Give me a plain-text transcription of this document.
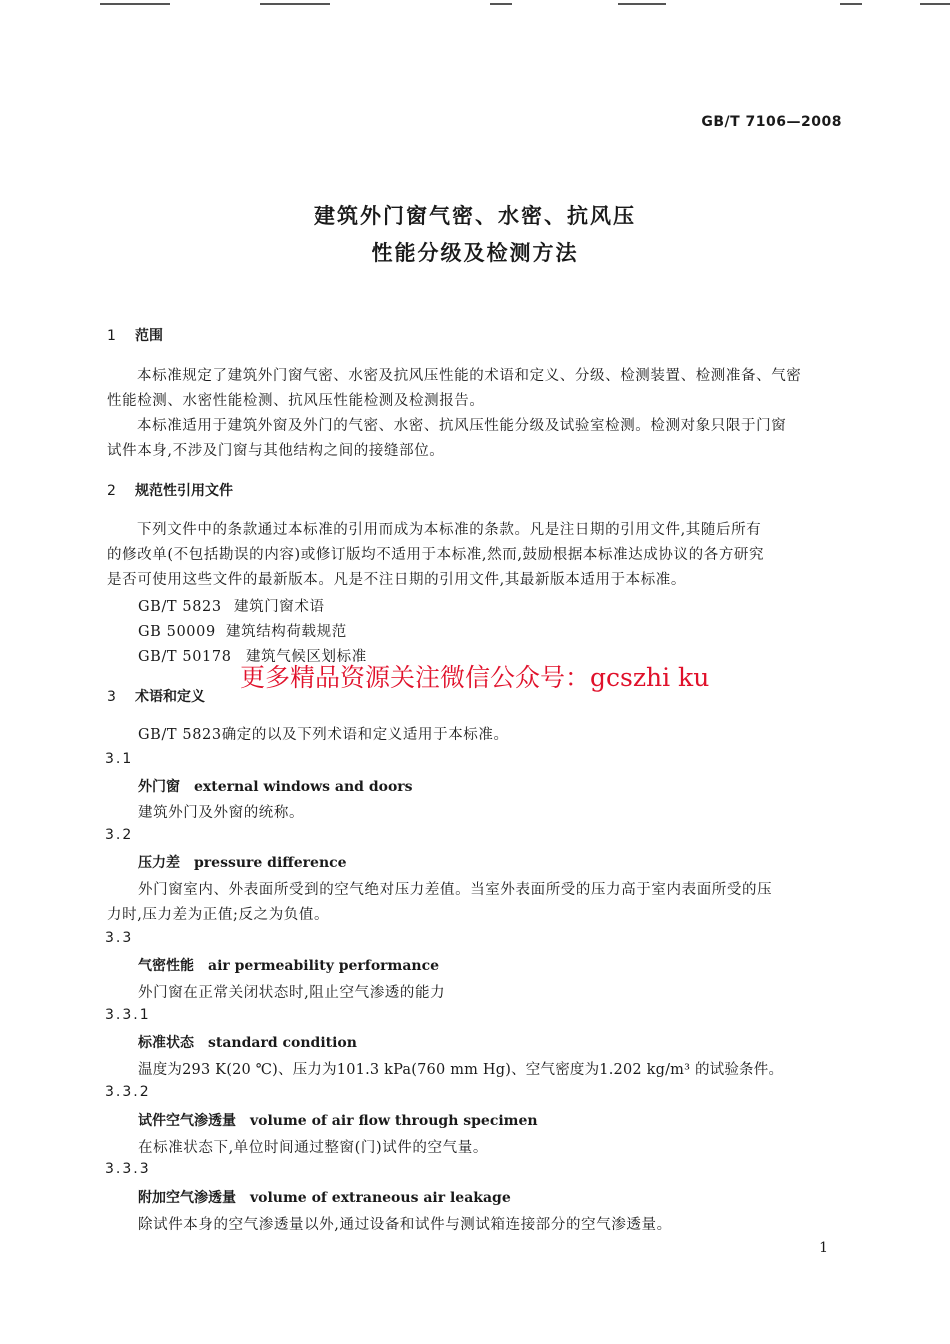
GB/T 7106—2008
建筑外门窗气密、水密、抗风压
性能分级及检测方法
1 范围
本标准规定了建筑外门窗气密、水密及抗风压性能的术语和定义、分级、检测装置、检测准备、气密
性能检测、水密性能检测、抗风压性能检测及检测报告。
本标准适用于建筑外窗及外门的气密、水密、抗风压性能分级及试验室检测。检测对象只限于门窗
试件本身,不涉及门窗与其他结构之间的接缝部位。
2 规范性引用文件
下列文件中的条款通过本标准的引用而成为本标准的条款。凡是注日期的引用文件,其随后所有
的修改单(不包括勘误的内容)或修订版均不适用于本标准,然而,鼓励根据本标准达成协议的各方研究
是否可使用这些文件的最新版本。凡是不注日期的引用文件,其最新版本适用于本标准。
GB/T 5823 建筑门窗术语
GB 50009 建筑结构荷载规范
GB/T 50178 建筑气候区划标准
更多精品资源关注微信公众号：gcszhi ku
3 术语和定义
GB/T 5823确定的以及下列术语和定义适用于本标准。
3.1
外门窗 external windows and doors
建筑外门及外窗的统称。
3.2
压力差 pressure difference
外门窗室内、外表面所受到的空气绝对压力差值。当室外表面所受的压力高于室内表面所受的压
力时,压力差为正值;反之为负值。
3.3
气密性能 air permeability performance
外门窗在正常关闭状态时,阻止空气渗透的能力
3.3.1
标准状态 standard condition
温度为293 K(20 ℃)、压力为101.3 kPa(760 mm Hg)、空气密度为1.202 kg/m³ 的试验条件。
3.3.2
试件空气渗透量 volume of air flow through specimen
在标准状态下,单位时间通过整窗(门)试件的空气量。
3.3.3
附加空气渗透量 volume of extraneous air leakage
除试件本身的空气渗透量以外,通过设备和试件与测试箱连接部分的空气渗透量。
1
